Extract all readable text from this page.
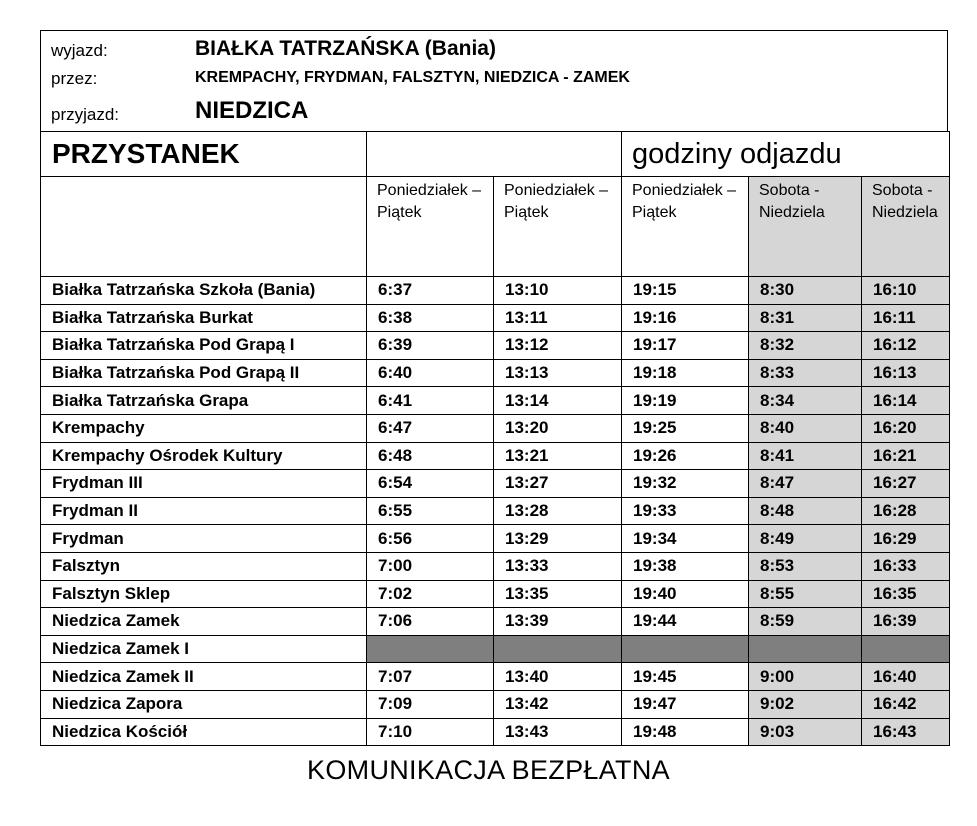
wyjazd:	BIAŁKA TATRZAŃSKA (Bania)
przez:	KREMPACHY, FRYDMAN, FALSZTYN, NIEDZICA - ZAMEK
przyjazd:	NIEDZICA
PRZYSTANEK			godziny odjazdu		
	Poniedziałek – Piątek	Poniedziałek – Piątek	Poniedziałek – Piątek	Sobota - Niedziela	Sobota - Niedziela
Białka Tatrzańska Szkoła (Bania)	6:37	13:10	19:15	8:30	16:10
Białka Tatrzańska Burkat	6:38	13:11	19:16	8:31	16:11
Białka Tatrzańska Pod Grapą I	6:39	13:12	19:17	8:32	16:12
Białka Tatrzańska Pod Grapą II	6:40	13:13	19:18	8:33	16:13
Białka Tatrzańska Grapa	6:41	13:14	19:19	8:34	16:14
Krempachy	6:47	13:20	19:25	8:40	16:20
Krempachy Ośrodek Kultury	6:48	13:21	19:26	8:41	16:21
Frydman III	6:54	13:27	19:32	8:47	16:27
Frydman II	6:55	13:28	19:33	8:48	16:28
Frydman	6:56	13:29	19:34	8:49	16:29
Falsztyn	7:00	13:33	19:38	8:53	16:33
Falsztyn Sklep	7:02	13:35	19:40	8:55	16:35
Niedzica Zamek	7:06	13:39	19:44	8:59	16:39
Niedzica Zamek I					
Niedzica Zamek II	7:07	13:40	19:45	9:00	16:40
Niedzica Zapora	7:09	13:42	19:47	9:02	16:42
Niedzica Kościół	7:10	13:43	19:48	9:03	16:43
KOMUNIKACJA BEZPŁATNA
